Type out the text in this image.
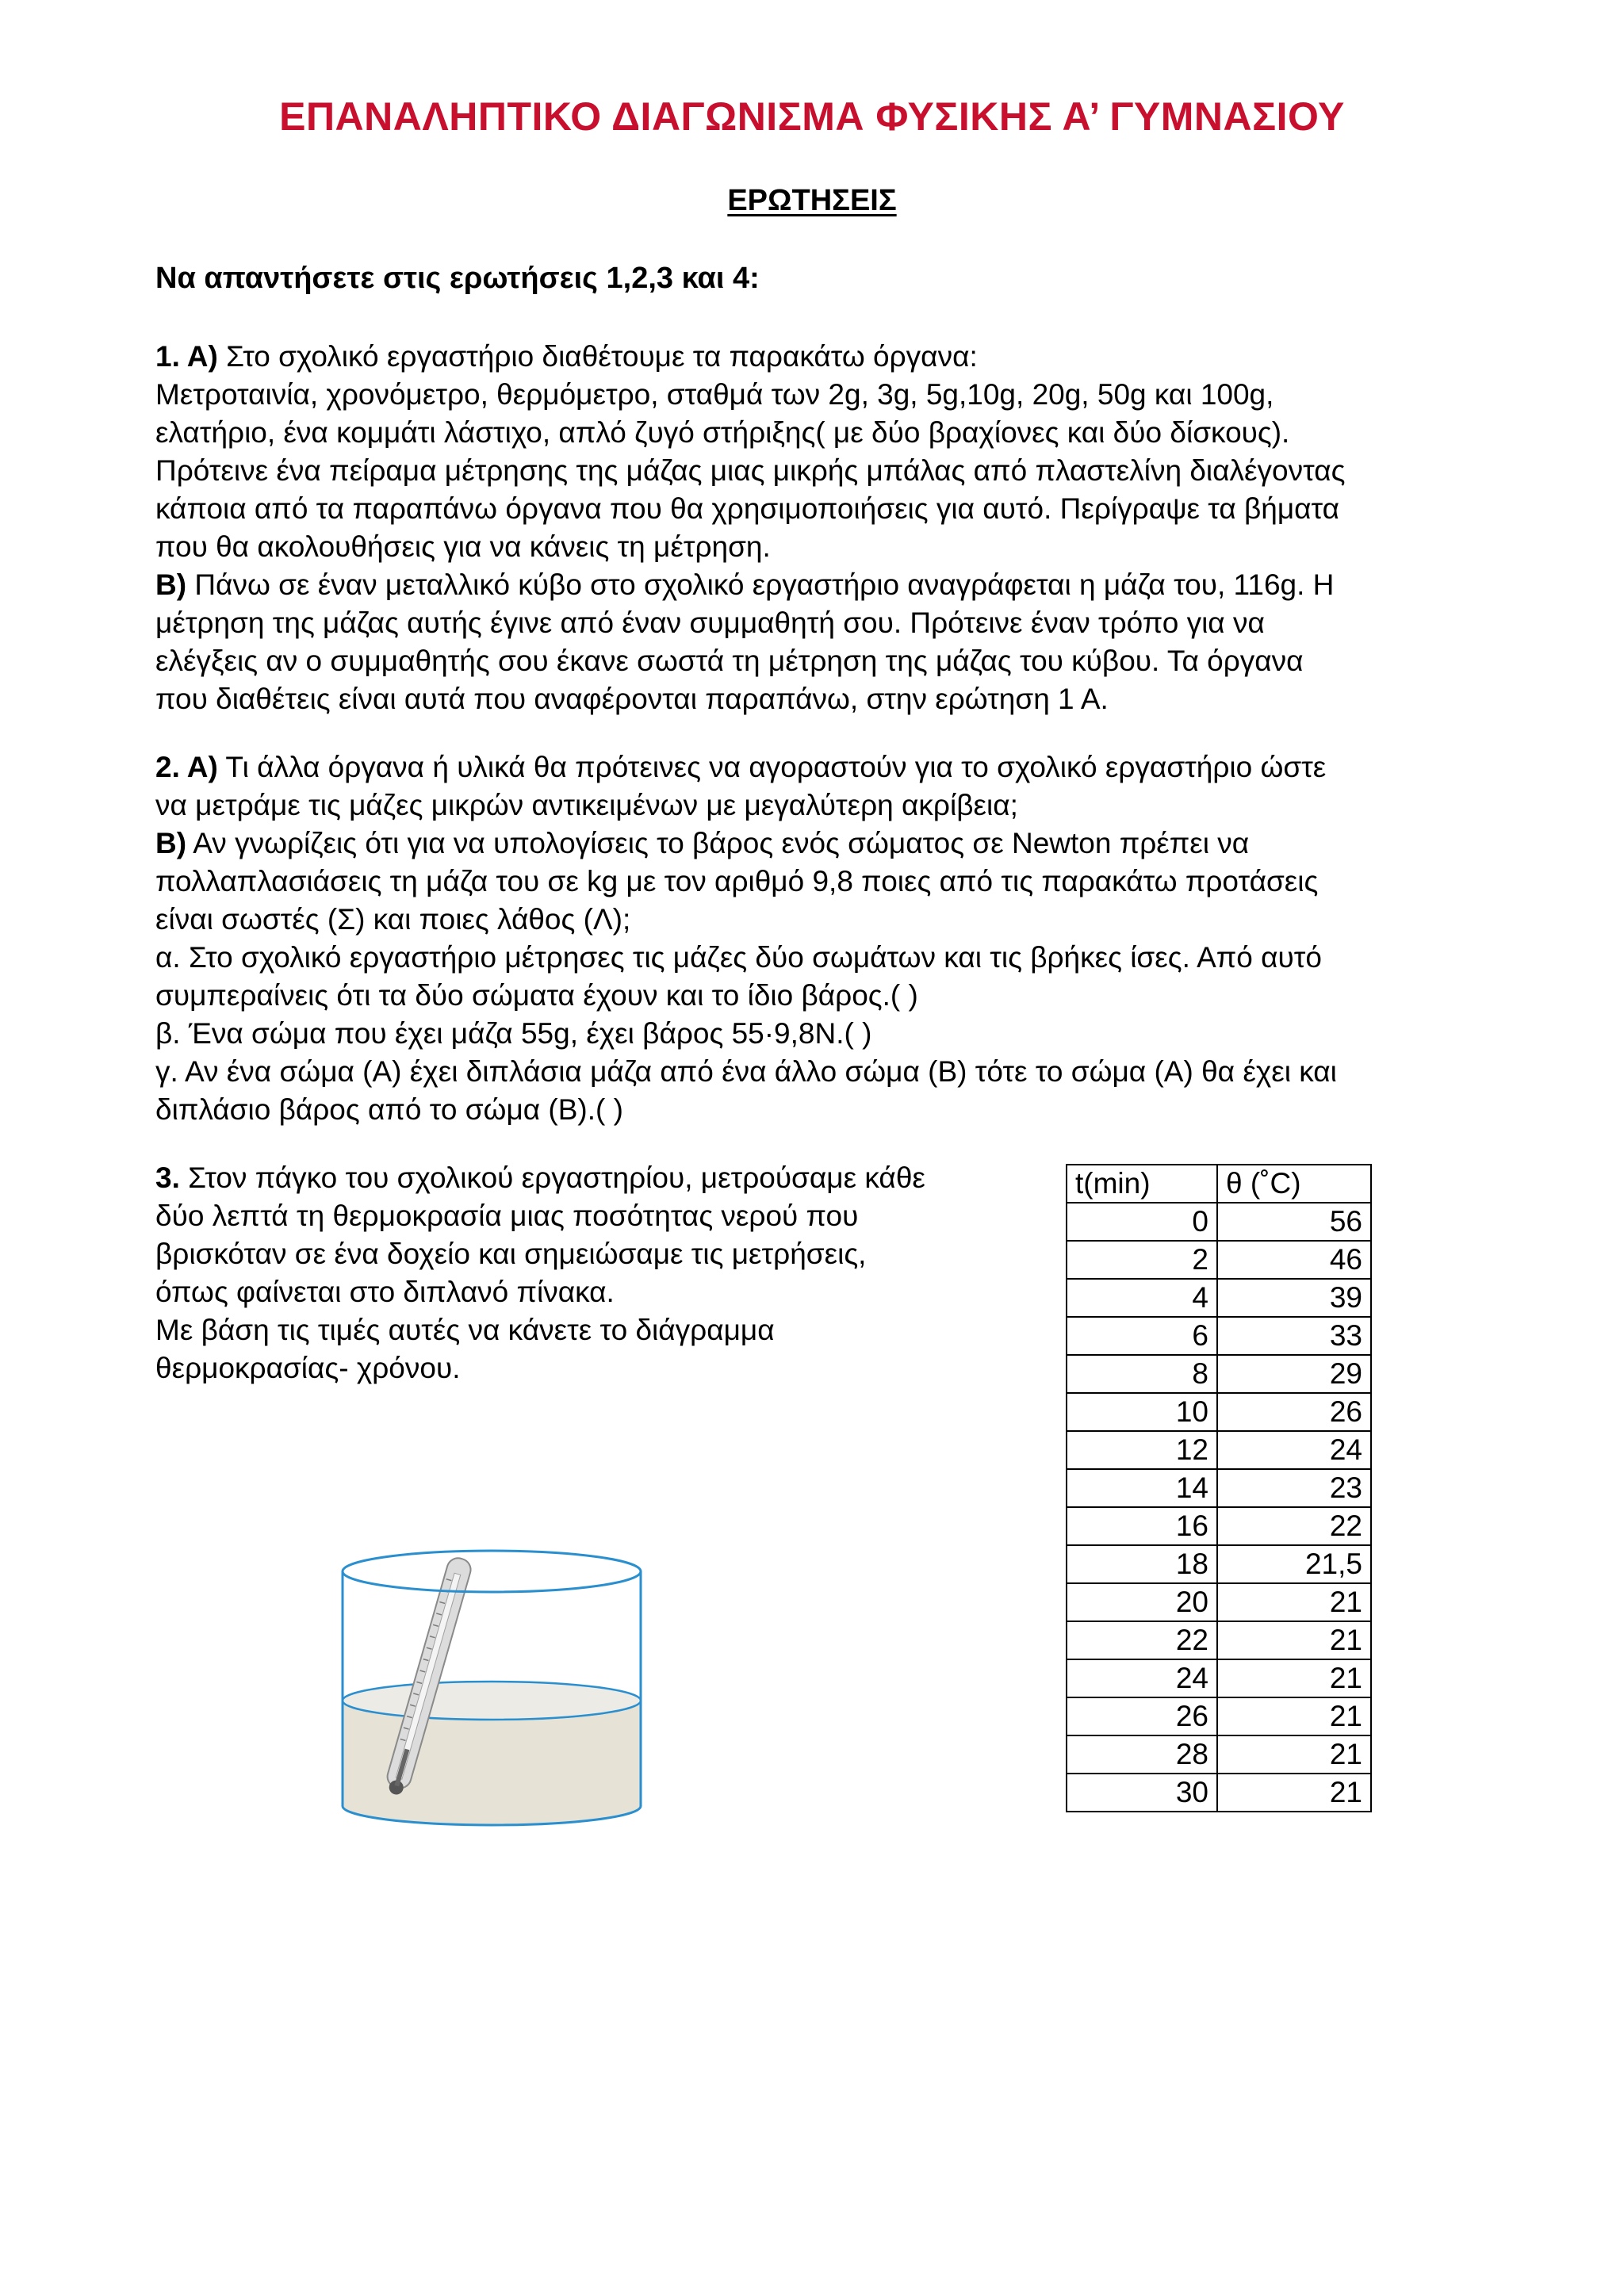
ΕΠΑΝΑΛΗΠΤΙΚΟ ΔΙΑΓΩΝΙΣΜΑ ΦΥΣΙΚΗΣ Α’ ΓΥΜΝΑΣΙΟΥ
ΕΡΩΤΗΣΕΙΣ
Να απαντήσετε στις ερωτήσεις 1,2,3 και 4:
1. Α) Στο σχολικό εργαστήριο διαθέτουμε τα παρακάτω όργανα:
Μετροταινία, χρονόμετρο, θερμόμετρο, σταθμά των 2g, 3g, 5g,10g, 20g, 50g και 100g,
ελατήριο, ένα κομμάτι λάστιχο, απλό ζυγό στήριξης( με δύο βραχίονες και δύο δίσκους).
Πρότεινε ένα πείραμα μέτρησης της μάζας μιας μικρής μπάλας από πλαστελίνη διαλέγοντας
κάποια από τα παραπάνω όργανα που θα χρησιμοποιήσεις για αυτό. Περίγραψε τα βήματα
που θα ακολουθήσεις για να κάνεις τη μέτρηση.
Β) Πάνω σε έναν μεταλλικό κύβο στο σχολικό εργαστήριο αναγράφεται η μάζα του, 116g. Η
μέτρηση της μάζας αυτής έγινε από έναν συμμαθητή σου. Πρότεινε έναν τρόπο για να
ελέγξεις αν ο συμμαθητής σου έκανε σωστά τη μέτρηση της μάζας του κύβου. Τα όργανα
που διαθέτεις είναι αυτά που αναφέρονται παραπάνω, στην ερώτηση 1 Α.
2. Α) Τι άλλα όργανα ή υλικά θα πρότεινες να αγοραστούν για το σχολικό εργαστήριο ώστε
να μετράμε τις μάζες μικρών αντικειμένων με μεγαλύτερη ακρίβεια;
Β) Αν γνωρίζεις ότι για να υπολογίσεις το βάρος ενός σώματος σε Newton πρέπει να
πολλαπλασιάσεις τη μάζα του σε kg με τον αριθμό 9,8 ποιες από τις παρακάτω προτάσεις
είναι σωστές (Σ) και ποιες λάθος (Λ);
α. Στο σχολικό εργαστήριο μέτρησες τις μάζες δύο σωμάτων και τις βρήκες ίσες. Από αυτό
συμπεραίνεις ότι τα δύο σώματα έχουν και το ίδιο βάρος.( )
β. Ένα σώμα που έχει μάζα 55g, έχει βάρος 55·9,8N.( )
γ. Αν ένα σώμα (Α) έχει διπλάσια μάζα από ένα άλλο σώμα (Β) τότε το σώμα (Α) θα έχει και
διπλάσιο βάρος από το σώμα (Β).( )
3. Στον πάγκο του σχολικού εργαστηρίου, μετρούσαμε κάθε
δύο λεπτά τη θερμοκρασία μιας ποσότητας νερού που
βρισκόταν σε ένα δοχείο και σημειώσαμε τις μετρήσεις,
όπως φαίνεται στο διπλανό πίνακα.
Με βάση τις τιμές αυτές να κάνετε το διάγραμμα
θερμοκρασίας- χρόνου.
t(min)	θ (˚C)
0	56
2	46
4	39
6	33
8	29
10	26
12	24
14	23
16	22
18	21,5
20	21
22	21
24	21
26	21
28	21
30	21
